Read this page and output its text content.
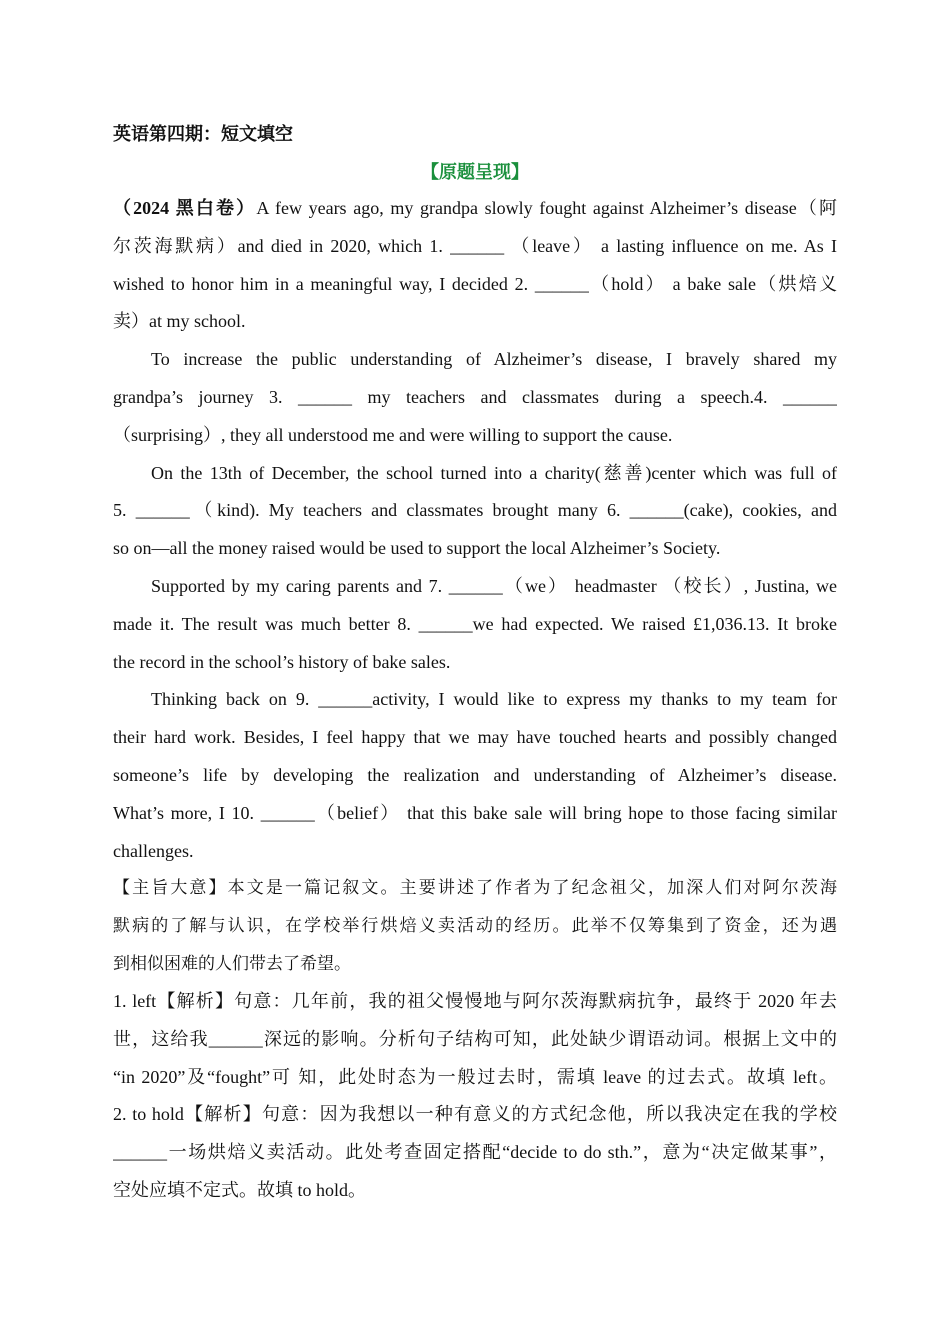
英语第四期：短文填空
【原题呈现】
（2024 黑白卷）A few years ago, my grandpa slowly fought against Alzheimer’s disease（阿
尔茨海默病）and died in 2020, which 1. ______ （leave） a lasting influence on me. As I
wished to honor him in a meaningful way, I decided 2. ______（hold） a bake sale（烘焙义
卖）at my school.
To increase the public understanding of Alzheimer’s disease, I bravely shared my
grandpa’s journey 3. ______ my teachers and classmates during a speech.4. ______
（surprising）, they all understood me and were willing to support the cause.
On the 13th of December, the school turned into a charity(慈善)center which was full of
5. ______（kind). My teachers and classmates brought many 6. ______(cake), cookies, and
so on—all the money raised would be used to support the local Alzheimer’s Society.
Supported by my caring parents and 7. ______（we） headmaster （校长）, Justina, we
made it. The result was much better 8. ______we had expected. We raised £1,036.13. It broke
the record in the school’s history of bake sales.
Thinking back on 9. ______activity, I would like to express my thanks to my team for
their hard work. Besides, I feel happy that we may have touched hearts and possibly changed
someone’s life by developing the realization and understanding of Alzheimer’s disease.
What’s more, I 10. ______（belief） that this bake sale will bring hope to those facing similar
challenges.
【主旨大意】本文是一篇记叙文。主要讲述了作者为了纪念祖父，加深人们对阿尔茨海
默病的了解与认识，在学校举行烘焙义卖活动的经历。此举不仅筹集到了资金，还为遇
到相似困难的人们带去了希望。
1. left【解析】句意：几年前，我的祖父慢慢地与阿尔茨海默病抗争，最终于 2020 年去
世，这给我______深远的影响。分析句子结构可知，此处缺少谓语动词。根据上文中的
“in 2020”及“fought”可 知，此处时态为一般过去时，需填 leave 的过去式。故填 left。
2. to hold【解析】句意：因为我想以一种有意义的方式纪念他，所以我决定在我的学校
______一场烘焙义卖活动。此处考查固定搭配“decide to do sth.”，意为“决定做某事”，
空处应填不定式。故填 to hold。
